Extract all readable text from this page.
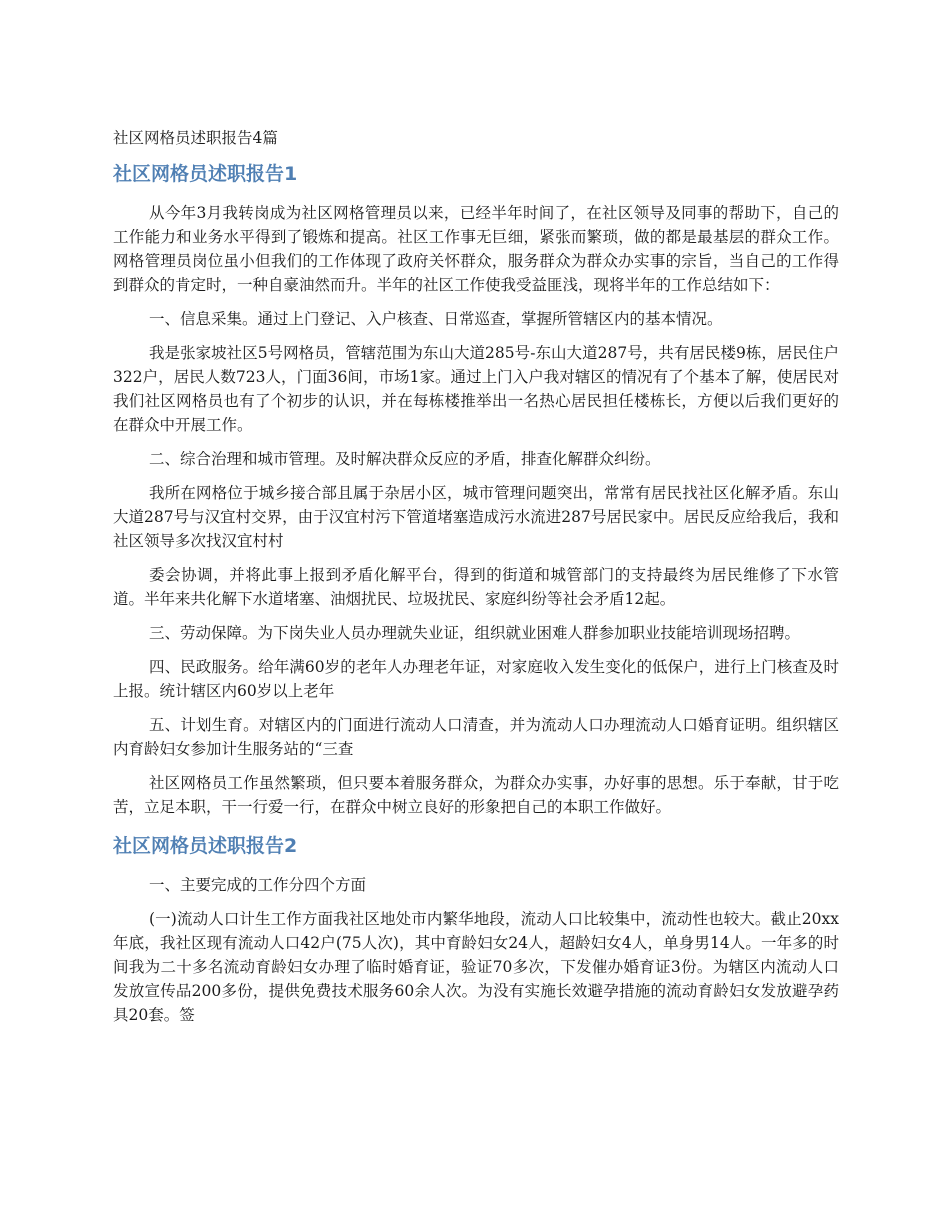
社区网格员述职报告4篇
社区网格员述职报告1

从今年3月我转岗成为社区网格管理员以来，已经半年时间了，在社区领导及同事的帮助下，自己的工作能力和业务水平得到了锻炼和提高。社区工作事无巨细，紧张而繁琐，做的都是最基层的群众工作。网格管理员岗位虽小但我们的工作体现了政府关怀群众，服务群众为群众办实事的宗旨，当自己的工作得到群众的肯定时，一种自豪油然而升。半年的社区工作使我受益匪浅，现将半年的工作总结如下：

一、信息采集。通过上门登记、入户核查、日常巡查，掌握所管辖区内的基本情况。

我是张家坡社区5号网格员，管辖范围为东山大道285号-东山大道287号，共有居民楼9栋，居民住户322户，居民人数723人，门面36间，市场1家。通过上门入户我对辖区的情况有了个基本了解，使居民对我们社区网格员也有了个初步的认识，并在每栋楼推举出一名热心居民担任楼栋长，方便以后我们更好的在群众中开展工作。

二、综合治理和城市管理。及时解决群众反应的矛盾，排查化解群众纠纷。

我所在网格位于城乡接合部且属于杂居小区，城市管理问题突出，常常有居民找社区化解矛盾。东山大道287号与汉宜村交界，由于汉宜村污下管道堵塞造成污水流进287号居民家中。居民反应给我后，我和社区领导多次找汉宜村村

委会协调，并将此事上报到矛盾化解平台，得到的街道和城管部门的支持最终为居民维修了下水管道。半年来共化解下水道堵塞、油烟扰民、垃圾扰民、家庭纠纷等社会矛盾12起。

三、劳动保障。为下岗失业人员办理就失业证，组织就业困难人群参加职业技能培训现场招聘。

四、民政服务。给年满60岁的老年人办理老年证，对家庭收入发生变化的低保户，进行上门核查及时上报。统计辖区内60岁以上老年

五、计划生育。对辖区内的门面进行流动人口清查，并为流动人口办理流动人口婚育证明。组织辖区内育龄妇女参加计生服务站的“三查

社区网格员工作虽然繁琐，但只要本着服务群众，为群众办实事，办好事的思想。乐于奉献，甘于吃苦，立足本职，干一行爱一行，在群众中树立良好的形象把自己的本职工作做好。

社区网格员述职报告2

一、主要完成的工作分四个方面

(一)流动人口计生工作方面我社区地处市内繁华地段，流动人口比较集中，流动性也较大。截止20xx年底，我社区现有流动人口42户(75人次)，其中育龄妇女24人，超龄妇女4人，单身男14人。一年多的时间我为二十多名流动育龄妇女办理了临时婚育证，验证70多次，下发催办婚育证3份。为辖区内流动人口发放宣传品200多份，提供免费技术服务60余人次。为没有实施长效避孕措施的流动育龄妇女发放避孕药具20套。签
